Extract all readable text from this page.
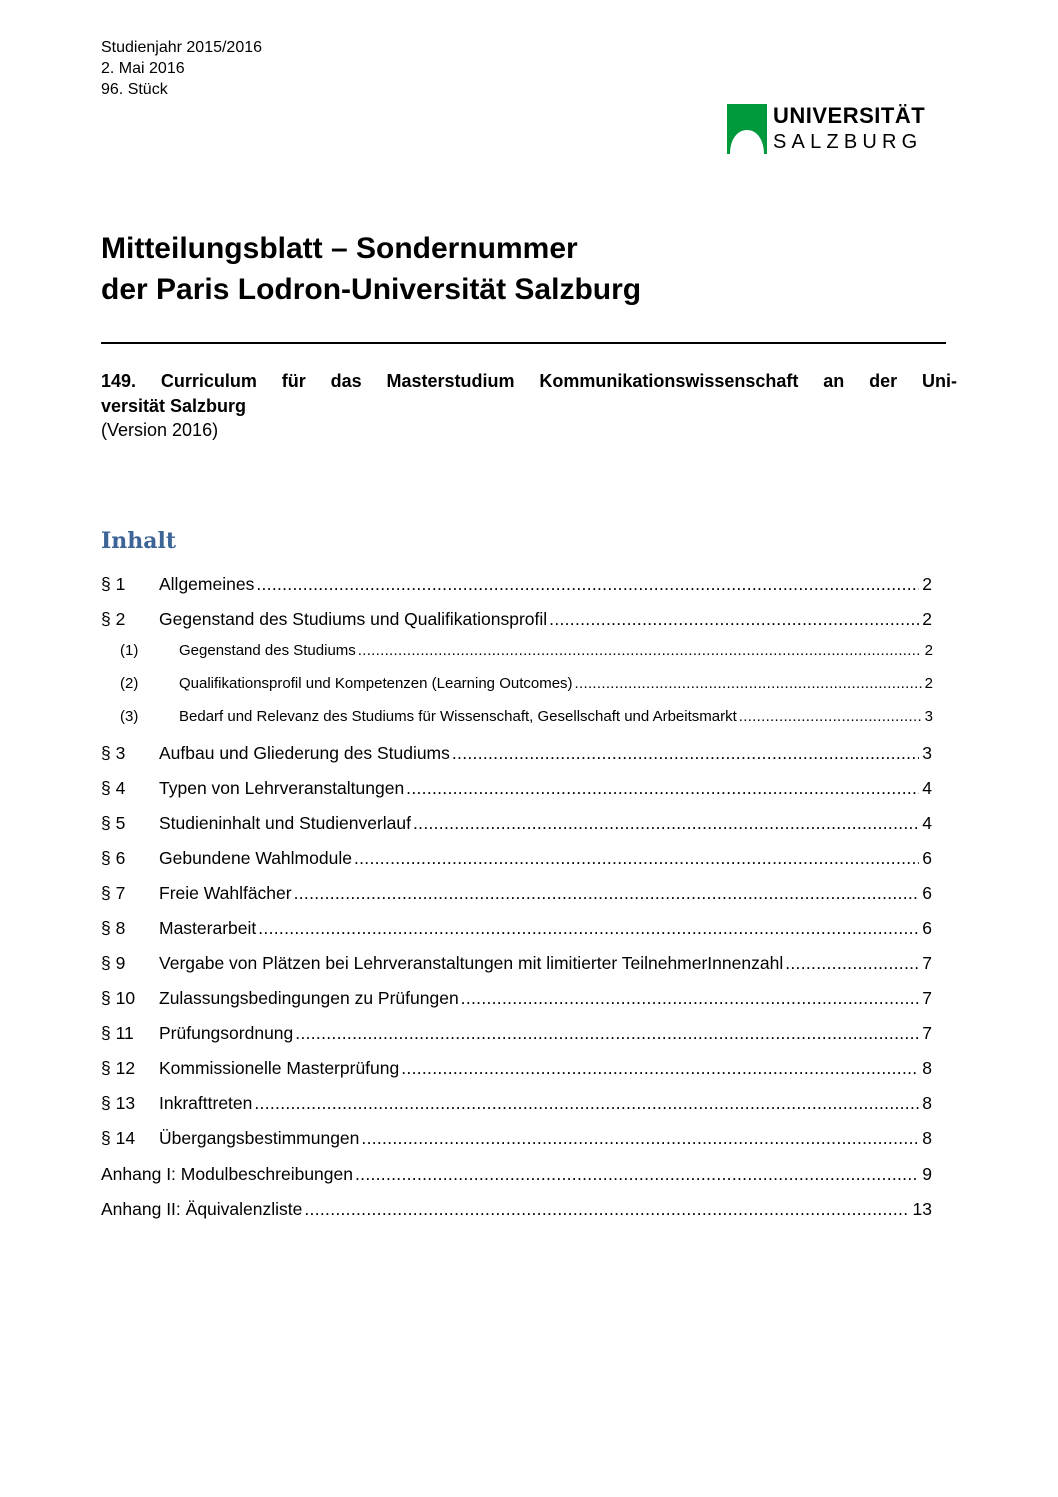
Studienjahr 2015/2016
2. Mai 2016
96. Stück
UNIVERSITÄT
SALZBURG
Mitteilungsblatt – Sondernummer
der Paris Lodron-Universität Salzburg
149. Curriculum für das Masterstudium Kommunikationswissenschaft an der Uni-
versität Salzburg
(Version 2016)
Inhalt
§ 1	Allgemeines .....	2
§ 2	Gegenstand des Studiums und Qualifikationsprofil .....	2
(1)	Gegenstand des Studiums .....	2
(2)	Qualifikationsprofil und Kompetenzen (Learning Outcomes) .....	2
(3)	Bedarf und Relevanz des Studiums für Wissenschaft, Gesellschaft und Arbeitsmarkt .....	3
§ 3	Aufbau und Gliederung des Studiums .....	3
§ 4	Typen von Lehrveranstaltungen .....	4
§ 5	Studieninhalt und Studienverlauf .....	4
§ 6	Gebundene Wahlmodule .....	6
§ 7	Freie Wahlfächer .....	6
§ 8	Masterarbeit .....	6
§ 9	Vergabe von Plätzen bei Lehrveranstaltungen mit limitierter TeilnehmerInnenzahl .....	7
§ 10	Zulassungsbedingungen zu Prüfungen .....	7
§ 11	Prüfungsordnung .....	7
§ 12	Kommissionelle Masterprüfung .....	8
§ 13	Inkrafttreten .....	8
§ 14	Übergangsbestimmungen .....	8
Anhang I: Modulbeschreibungen .....	9
Anhang II: Äquivalenzliste .....	13
